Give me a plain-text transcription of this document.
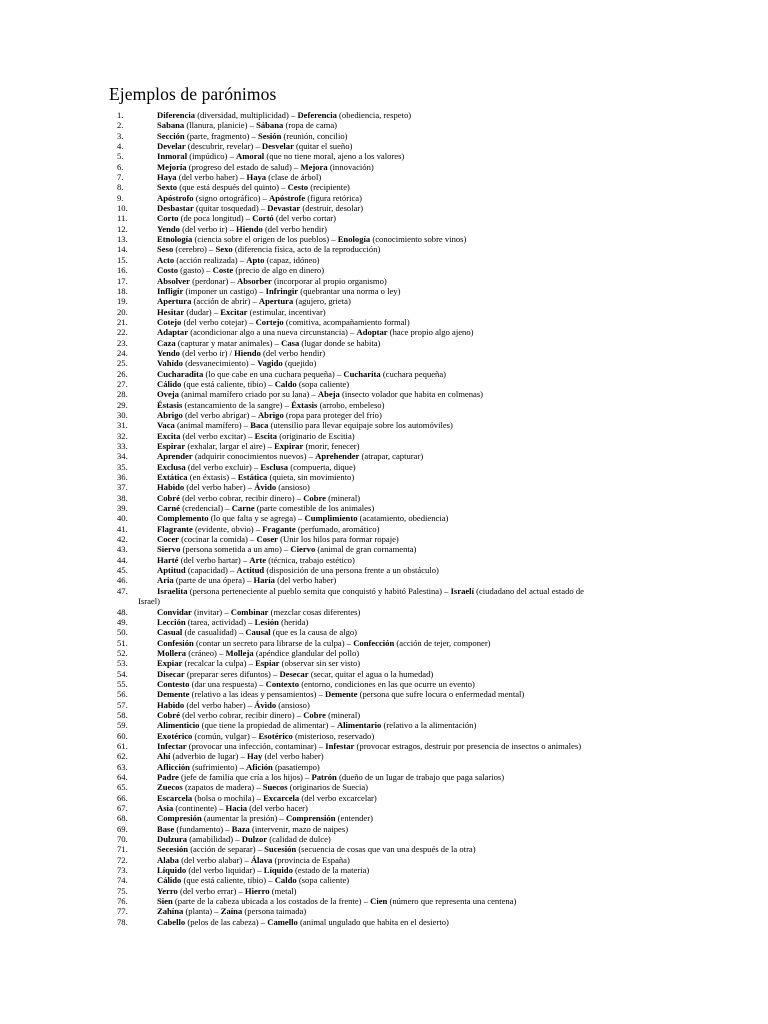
Ejemplos de parónimos
1.	Diferencia (diversidad, multiplicidad) – Deferencia (obediencia, respeto)
2.	Sabana (llanura, planicie) – Sábana (ropa de cama)
3.	Sección (parte, fragmento) – Sesión (reunión, concilio)
4.	Develar (descubrir, revelar) – Desvelar (quitar el sueño)
5.	Inmoral (impúdico) – Amoral (que no tiene moral, ajeno a los valores)
6.	Mejoría (progreso del estado de salud) – Mejora (innovación)
7.	Haya (del verbo haber) – Haya (clase de árbol)
8.	Sexto (que está después del quinto) – Cesto (recipiente)
9.	Apóstrofo (signo ortográfico) – Apóstrofe (figura retórica)
10.	Desbastar (quitar tosquedad) – Devastar (destruir, desolar)
11.	Corto (de poca longitud) – Cortó (del verbo cortar)
12.	Yendo (del verbo ir) – Hiendo (del verbo hendir)
13.	Etnología (ciencia sobre el origen de los pueblos) – Enología (conocimiento sobre vinos)
14.	Seso (cerebro) – Sexo (diferencia física, acto de la reproducción)
15.	Acto (acción realizada) – Apto (capaz, idóneo)
16.	Costo (gasto) – Coste (precio de algo en dinero)
17.	Absolver (perdonar) – Absorber (incorporar al propio organismo)
18.	Infligir (imponer un castigo) – Infringir (quebrantar una norma o ley)
19.	Apertura (acción de abrir) – Apertura (agujero, grieta)
20.	Hesitar (dudar) – Excitar (estimular, incentivar)
21.	Cotejo (del verbo cotejar) – Cortejo (comitiva, acompañamiento formal)
22.	Adaptar (acondicionar algo a una nueva circunstancia) – Adoptar (hace propio algo ajeno)
23.	Caza (capturar y matar animales) – Casa (lugar donde se habita)
24.	Yendo (del verbo ir) / Hiendo (del verbo hendir)
25.	Vahído (desvanecimiento) – Vagido (quejido)
26.	Cucharadita (lo que cabe en una cuchara pequeña) – Cucharita (cuchara pequeña)
27.	Cálido (que está caliente, tibio) – Caldo (sopa caliente)
28.	Oveja (animal mamífero criado por su lana) – Abeja (insecto volador que habita en colmenas)
29.	Éstasis (estancamiento de la sangre) – Éxtasis (arrobo, embeleso)
30.	Abrigo (del verbo abrigar) – Abrigo (ropa para proteger del frío)
31.	Vaca (animal mamífero) – Baca (utensilio para llevar equipaje sobre los automóviles)
32.	Excita (del verbo excitar) – Escita (originario de Escitia)
33.	Espirar (exhalar, largar el aire) – Expirar (morir, fenecer)
34.	Aprender (adquirir conocimientos nuevos) – Aprehender (atrapar, capturar)
35.	Exclusa (del verbo excluir) – Esclusa (compuerta, dique)
36.	Extática (en éxtasis) – Estática (quieta, sin movimiento)
37.	Habido (del verbo haber) – Ávido (ansioso)
38.	Cobré (del verbo cobrar, recibir dinero) – Cobre (mineral)
39.	Carné (credencial) – Carne (parte comestible de los animales)
40.	Complemento (lo que falta y se agrega) – Cumplimiento (acatamiento, obediencia)
41.	Flagrante (evidente, obvio) – Fragante (perfumado, aromático)
42.	Cocer (cocinar la comida) – Coser (Unir los hilos para formar ropaje)
43.	Siervo (persona sometida a un amo) – Ciervo (animal de gran cornamenta)
44.	Harté (del verbo hartar) – Arte (técnica, trabajo estético)
45.	Aptitud (capacidad) – Actitud (disposición de una persona frente a un obstáculo)
46.	Aria (parte de una ópera) – Haría (del verbo haber)
47.	Israelita (persona perteneciente al pueblo semita que conquistó y habitó Palestina) – Israelí (ciudadano del actual estado de
Israel)
48.	Convidar (invitar) – Combinar (mezclar cosas diferentes)
49.	Lección (tarea, actividad) – Lesión (herida)
50.	Casual (de casualidad) – Causal (que es la causa de algo)
51.	Confesión (contar un secreto para librarse de la culpa) – Confección (acción de tejer, componer)
52.	Mollera (cráneo) – Molleja (apéndice glandular del pollo)
53.	Expiar (recalcar la culpa) – Espiar (observar sin ser visto)
54.	Disecar (preparar seres difuntos) – Desecar (secar, quitar el agua o la humedad)
55.	Contesto (dar una respuesta) – Contexto (entorno, condiciones en las que ocurre un evento)
56.	Demente (relativo a las ideas y pensamientos) – Demente (persona que sufre locura o enfermedad mental)
57.	Habido (del verbo haber) – Ávido (ansioso)
58.	Cobré (del verbo cobrar, recibir dinero) – Cobre (mineral)
59.	Alimenticio (que tiene la propiedad de alimentar) – Alimentario (relativo a la alimentación)
60.	Exotérico (común, vulgar) – Esotérico (misterioso, reservado)
61.	Infectar (provocar una infección, contaminar) – Infestar (provocar estragos, destruir por presencia de insectos o animales)
62.	Ahí (adverbio de lugar) – Hay (del verbo haber)
63.	Aflicción (sufrimiento) – Afición (pasatiempo)
64.	Padre (jefe de familia que cría a los hijos) – Patrón (dueño de un lugar de trabajo que paga salarios)
65.	Zuecos (zapatos de madera) – Suecos (originarios de Suecia)
66.	Escarcela (bolsa o mochila) – Excarcela (del verbo excarcelar)
67.	Asia (continente) – Hacia (del verbo hacer)
68.	Compresión (aumentar la presión) – Comprensión (entender)
69.	Base (fundamento) – Baza (intervenir, mazo de naipes)
70.	Dulzura (amabilidad) – Dulzor (calidad de dulce)
71.	Secesión (acción de separar) – Sucesión (secuencia de cosas que van una después de la otra)
72.	Alaba (del verbo alabar) – Álava (provincia de España)
73.	Líquido (del verbo liquidar) – Líquido (estado de la materia)
74.	Cálido (que está caliente, tibio) – Caldo (sopa caliente)
75.	Yerro (del verbo errar) – Hierro (metal)
76.	Sien (parte de la cabeza ubicada a los costados de la frente) – Cien (número que representa una centena)
77.	Zahína (planta) – Zaína (persona taimada)
78.	Cabello (pelos de las cabeza) – Camello (animal ungulado que habita en el desierto)
